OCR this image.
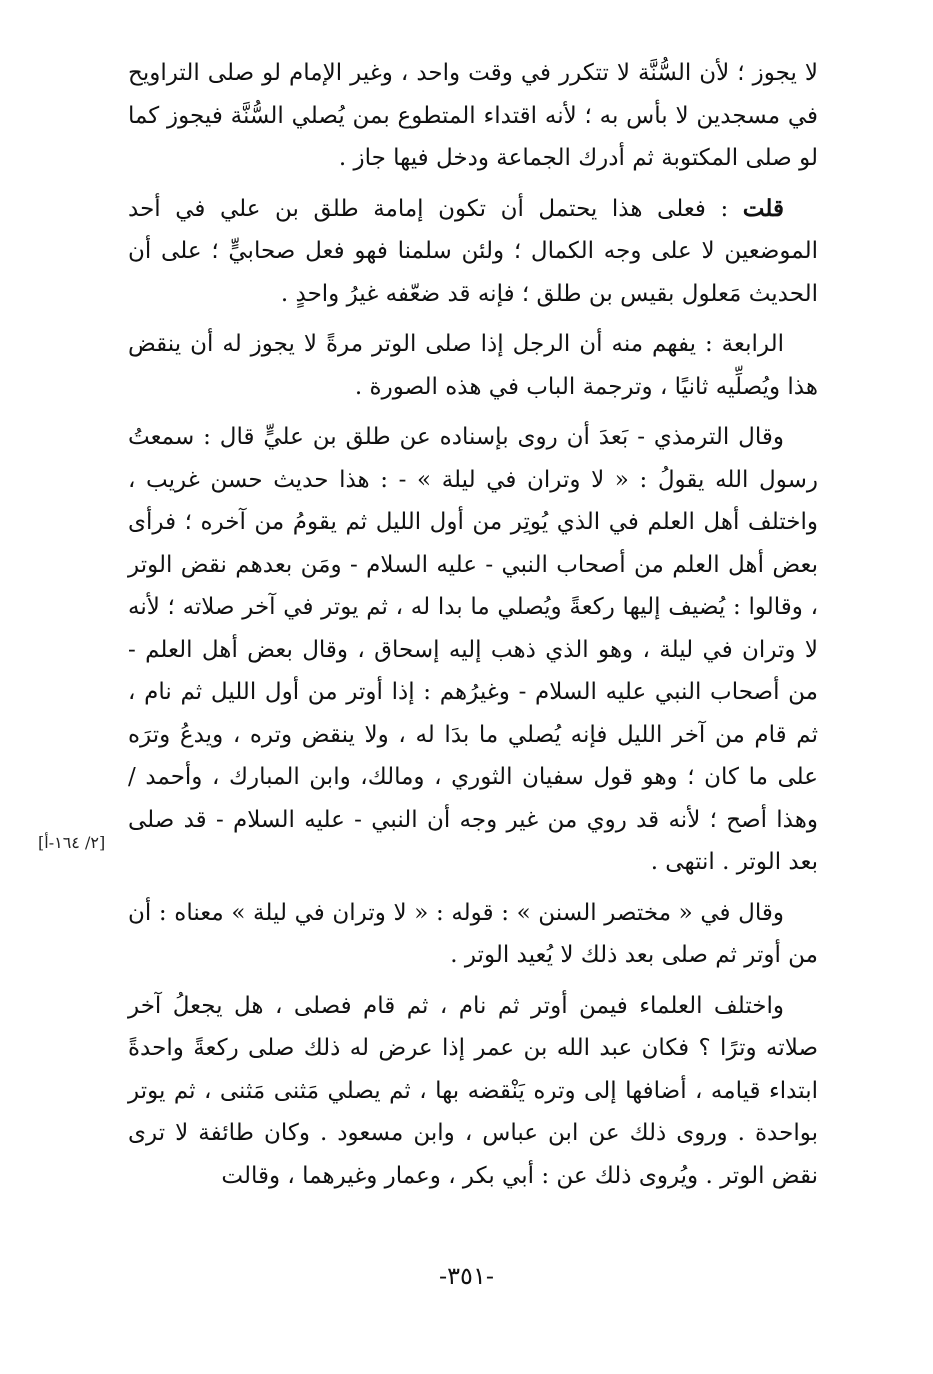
لا يجوز ؛ لأن السُّنَّة لا تتكرر في وقت واحد ، وغير الإمام لو صلى التراويح في مسجدين لا بأس به ؛ لأنه اقتداء المتطوع بمن يُصلي السُّنَّة فيجوز كما لو صلى المكتوبة ثم أدرك الجماعة ودخل فيها جاز .

قلت : فعلى هذا يحتمل أن تكون إمامة طلق بن علي في أحد الموضعين لا على وجه الكمال ؛ ولئن سلمنا فهو فعل صحابيٍّ ؛ على أن الحديث مَعلول بقيس بن طلق ؛ فإنه قد ضعّفه غيرُ واحدٍ .

الرابعة : يفهم منه أن الرجل إذا صلى الوتر مرةً لا يجوز له أن ينقض هذا ويُصلِّيه ثانيًا ، وترجمة الباب في هذه الصورة .

وقال الترمذي - بَعدَ أن روى بإسناده عن طلق بن عليٍّ قال : سمعتُ رسول الله يقولُ : « لا وتران في ليلة » - : هذا حديث حسن غريب ، واختلف أهل العلم في الذي يُوتِر من أول الليل ثم يقومُ من آخره ؛ فرأى بعض أهل العلم من أصحاب النبي - عليه السلام - ومَن بعدهم نقض الوتر ، وقالوا : يُضيف إليها ركعةً ويُصلي ما بدا له ، ثم يوتر في آخر صلاته ؛ لأنه لا وتران في ليلة ، وهو الذي ذهب إليه إسحاق ، وقال بعض أهل العلم - من أصحاب النبي عليه السلام - وغيرُهم : إذا أوتر من أول الليل ثم نام ، ثم قام من آخر الليل فإنه يُصلي ما بدَا له ، ولا ينقض وتره ، ويدعُ وترَه على ما كان ؛ وهو قول سفيان الثوري ، ومالك، وابن المبارك ، وأحمد / وهذا أصح ؛ لأنه قد روي من غير وجه أن النبي - عليه السلام - قد صلى بعد الوتر . انتهى .

وقال في « مختصر السنن » : قوله : « لا وتران في ليلة » معناه : أن من أوتر ثم صلى بعد ذلك لا يُعيد الوتر .

واختلف العلماء فيمن أوتر ثم نام ، ثم قام فصلى ، هل يجعلُ آخر صلاته وترًا ؟ فكان عبد الله بن عمر إذا عرض له ذلك صلى ركعةً واحدةً ابتداء قيامه ، أضافها إلى وتره يَنْقضه بها ، ثم يصلي مَثنى مَثنى ، ثم يوتر بواحدة . وروى ذلك عن ابن عباس ، وابن مسعود . وكان طائفة لا ترى نقض الوتر . ويُروى ذلك عن : أبي بكر ، وعمار وغيرهما ، وقالت

[٢/ ١٦٤-أ]
-٣٥١-
